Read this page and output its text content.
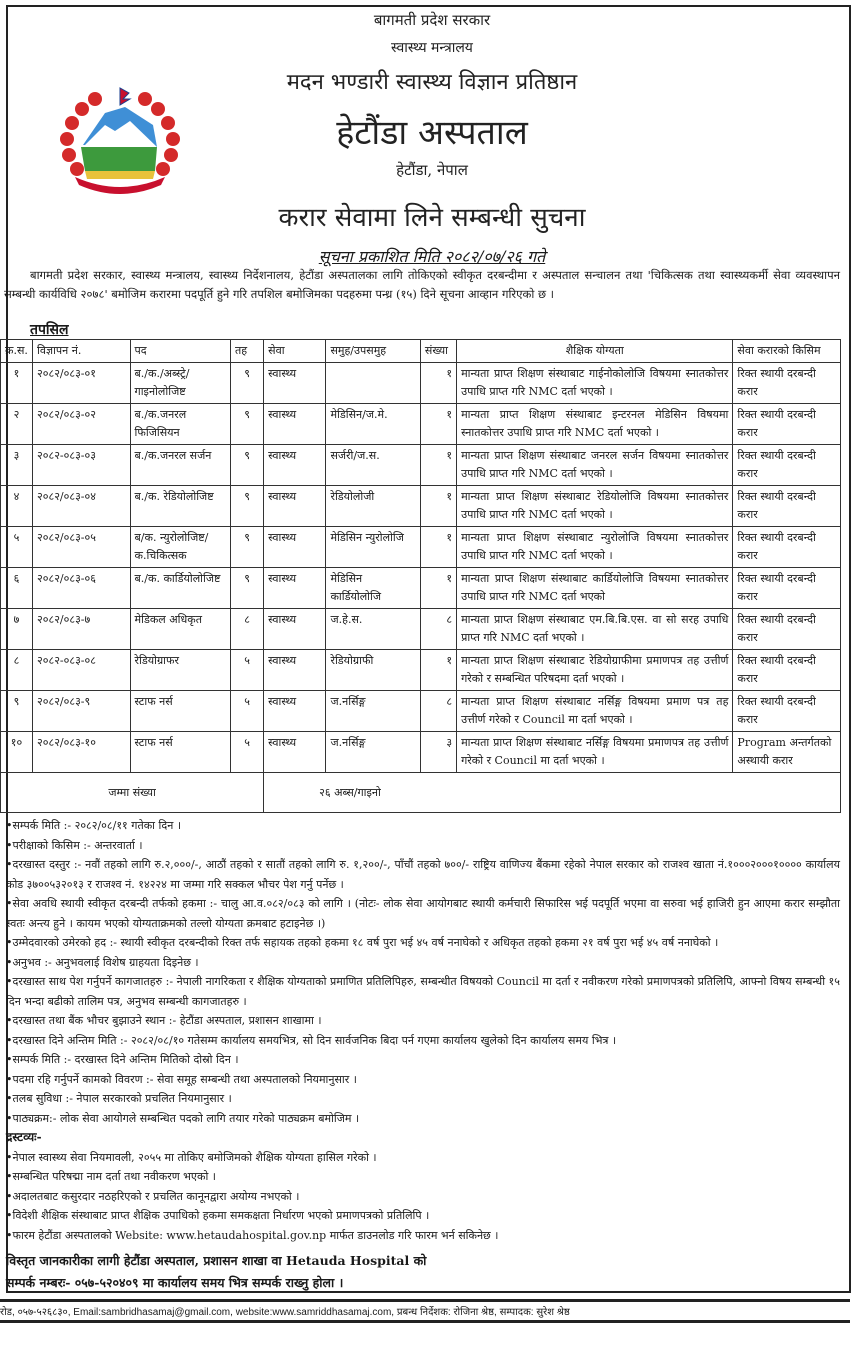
बागमती प्रदेश सरकार
स्वास्थ्य मन्त्रालय
मदन भण्डारी स्वास्थ्य विज्ञान प्रतिष्ठान
हेटौंडा अस्पताल
हेटौंडा, नेपाल
करार सेवामा लिने सम्बन्धी सुचना
सूचना प्रकाशित मिति २०८२/०७/२६ गते
बागमती प्रदेश सरकार, स्वास्थ्य मन्त्रालय, स्वास्थ्य निर्देशनालय, हेटौंडा अस्पतालका लागि तोकिएको स्वीकृत दरबन्दीमा र अस्पताल सन्चालन तथा 'चिकित्सक तथा स्वास्थ्यकर्मी सेवा व्यवस्थापन सम्बन्धी कार्यविधि २०७८' बमोजिम करारमा पदपूर्ति हुने गरि तपशिल बमोजिमका पदहरुमा पन्ध्र (१५) दिने सूचना आव्हान गरिएको छ ।
तपसिल
क्र.स.	विज्ञापन नं.	पद	तह	सेवा	समुह/उपसमुह	संख्या	शैक्षिक योग्यता	सेवा करारको किसिम
१	२०८२/०८३-०१	ब./क./अब्स्ट्रे/ गाइनोलोजिष्ट	९	स्वास्थ्य		१	मान्यता प्राप्त शिक्षण संस्थाबाट गाईनोकोलोजि विषयमा स्नातकोत्तर उपाधि प्राप्त गरि NMC दर्ता भएको ।	रिक्त स्थायी दरबन्दी करार
२	२०८२/०८३-०२	ब./क.जनरल फिजिसियन	९	स्वास्थ्य	मेडिसिन/ज.मे.	१	मान्यता प्राप्त शिक्षण संस्थाबाट इन्टरनल मेडिसिन विषयमा स्नातकोत्तर उपाधि प्राप्त गरि NMC दर्ता भएको ।	रिक्त स्थायी दरबन्दी करार
३	२०८२-०८३-०३	ब./क.जनरल सर्जन	९	स्वास्थ्य	सर्जरी/ज.स.	१	मान्यता प्राप्त शिक्षण संस्थाबाट जनरल सर्जन विषयमा स्नातकोत्तर उपाधि प्राप्त गरि NMC दर्ता भएको ।	रिक्त स्थायी दरबन्दी करार
४	२०८२/०८३-०४	ब./क. रेडियोलोजिष्ट	९	स्वास्थ्य	रेडियोलोजी	१	मान्यता प्राप्त शिक्षण संस्थाबाट रेडियोलोजि विषयमा स्नातकोत्तर उपाधि प्राप्त गरि NMC दर्ता भएको ।	रिक्त स्थायी दरबन्दी करार
५	२०८२/०८३-०५	ब/क. न्युरोलोजिष्ट/ क.चिकित्सक	९	स्वास्थ्य	मेडिसिन न्युरोलोजि	१	मान्यता प्राप्त शिक्षण संस्थाबाट न्युरोलोजि विषयमा स्नातकोत्तर उपाधि प्राप्त गरि NMC दर्ता भएको ।	रिक्त स्थायी दरबन्दी करार
६	२०८२/०८३-०६	ब./क. कार्डियोलोजिष्ट	९	स्वास्थ्य	मेडिसिन कार्डियोलोजि	१	मान्यता प्राप्त शिक्षण संस्थाबाट कार्डियोलोजि विषयमा स्नातकोत्तर उपाधि प्राप्त गरि NMC दर्ता भएको	रिक्त स्थायी दरबन्दी करार
७	२०८२/०८३-७	मेडिकल अधिकृत	८	स्वास्थ्य	ज.हे.स.	८	मान्यता प्राप्त शिक्षण संस्थाबाट एम.बि.बि.एस. वा सो सरह उपाधि प्राप्त गरि NMC दर्ता भएको ।	रिक्त स्थायी दरबन्दी करार
८	२०८२-०८३-०८	रेडियोग्राफर	५	स्वास्थ्य	रेडियोग्राफी	१	मान्यता प्राप्त शिक्षण संस्थाबाट रेडियोग्राफीमा प्रमाणपत्र तह उत्तीर्ण गरेको र सम्बन्धित परिषदमा दर्ता भएको ।	रिक्त स्थायी दरबन्दी करार
९	२०८२/०८३-९	स्टाफ नर्स	५	स्वास्थ्य	ज.नर्सिङ्ग	८	मान्यता प्राप्त शिक्षण संस्थाबाट नर्सिङ्ग विषयमा प्रमाण पत्र तह उत्तीर्ण गरेको र Council मा दर्ता भएको ।	रिक्त स्थायी दरबन्दी करार
१०	२०८२/०८३-१०	स्टाफ नर्स	५	स्वास्थ्य	ज.नर्सिङ्ग	३	मान्यता प्राप्त शिक्षण संस्थाबाट नर्सिङ्ग विषयमा प्रमाणपत्र तह उत्तीर्ण गरेको र Council मा दर्ता भएको ।	Program अन्तर्गतको अस्थायी करार
जम्मा संख्या				२६ अब्स/गाइनो				
• सम्पर्क मिति :- २०८२/०८/११ गतेका दिन ।
• परीक्षाको किसिम :- अन्तरवार्ता ।
• दरखास्त दस्तुर :- नवौं तहको लागि रु.२,०००/-, आठौं तहको र सातौं तहको लागि रु. १,२००/-, पाँचौं तहको ७००/- राष्ट्रिय वाणिज्य बैंकमा रहेको नेपाल सरकार को राजश्व खाता नं.१०००२०००१०००० कार्यालय कोड ३७००५३२०१३ र राजश्व नं. १४२२४ मा जम्मा गरि सक्कल भौचर पेश गर्नु पर्नेछ ।
• सेवा अवधि स्थायी स्वीकृत दरबन्दी तर्फको हकमा :- चालु आ.व.०८२/०८३ को लागि । (नोटः- लोक सेवा आयोगबाट स्थायी कर्मचारी सिफारिस भई पदपूर्ति भएमा वा सरुवा भई हाजिरी हुन आएमा करार सम्झौता स्वतः अन्त्य हुने । कायम भएको योग्यताक्रमको तल्लो योग्यता क्रमबाट हटाइनेछ ।)
• उम्मेदवारको उमेरको हद :- स्थायी स्वीकृत दरबन्दीको रिक्त तर्फ सहायक तहको हकमा १८ वर्ष पुरा भई ४५ वर्ष ननाघेको र अधिकृत तहको हकमा २१ वर्ष पुरा भई ४५ वर्ष ननाघेको ।
• अनुभव :- अनुभवलाई विशेष ग्राहयता दिइनेछ ।
• दरखास्त साथ पेश गर्नुपर्ने कागजातहरु :- नेपाली नागरिकता र शैक्षिक योग्यताको प्रमाणित प्रतिलिपिहरु, सम्बन्धीत विषयको Council मा दर्ता र नवीकरण गरेको प्रमाणपत्रको प्रतिलिपि, आफ्नो विषय सम्बन्धी १५ दिन भन्दा बढीको तालिम पत्र, अनुभव सम्बन्धी कागजातहरु ।
• दरखास्त तथा बैंक भौचर बुझाउने स्थान :- हेटौंडा अस्पताल, प्रशासन शाखामा ।
• दरखास्त दिने अन्तिम मिति :- २०८२/०८/१० गतेसम्म कार्यालय समयभित्र, सो दिन सार्वजनिक बिदा पर्न गएमा कार्यालय खुलेको दिन कार्यालय समय भित्र ।
• सम्पर्क मिति :- दरखास्त दिने अन्तिम मितिको दोस्रो दिन ।
• पदमा रहि गर्नुपर्ने कामको विवरण :- सेवा समूह सम्बन्धी तथा अस्पतालको नियमानुसार ।
• तलब सुविधा :- नेपाल सरकारको प्रचलित नियमानुसार ।
• पाठ्यक्रम:- लोक सेवा आयोगले सम्बन्धित पदको लागि तयार गरेको पाठ्यक्रम बमोजिम ।
द्रस्टव्यः-
• नेपाल स्वास्थ्य सेवा नियमावली, २०५५ मा तोकिए बमोजिमको शैक्षिक योग्यता हासिल गरेको ।
• सम्बन्धित परिषद्मा नाम दर्ता तथा नवीकरण भएको ।
• अदालतबाट कसुरदार नठहरिएको र प्रचलित कानूनद्वारा अयोग्य नभएको ।
• विदेशी शैक्षिक संस्थाबाट प्राप्त शैक्षिक उपाधिको हकमा समकक्षता निर्धारण भएको प्रमाणपत्रको प्रतिलिपि ।
• फारम हेटौंडा अस्पतालको Website: www.hetaudahospital.gov.np मार्फत डाउनलोड गरि फारम भर्न सकिनेछ ।
विस्तृत जानकारीका लागी हेटौंडा अस्पताल, प्रशासन शाखा वा Hetauda Hospital को
सम्पर्क नम्बरः- ०५७-५२०४०९ मा कार्यालय समय भित्र सम्पर्क राख्नु होला ।
रोड, ०५७-५२६८३०, Email:sambridhasamaj@gmail.com, website:www.samriddhasamaj.com, प्रबन्ध निर्देशक: रोजिना श्रेष्ठ, सम्पादक: सुरेश श्रेष्ठ
